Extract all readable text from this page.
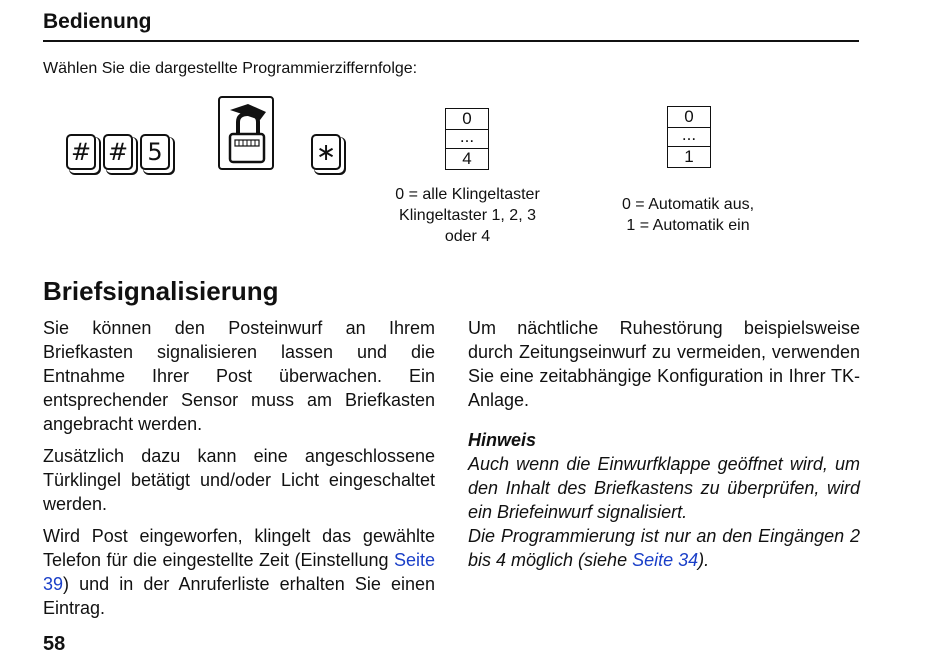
Bedienung
Wählen Sie die dargestellte Programmierziffernfolge:
# # 5	∗
0
...
4
0 = alle Klingeltaster
Klingeltaster 1, 2, 3
oder 4
0
...
1
0 = Automatik aus,
1 = Automatik ein
Briefsignalisierung

Sie können den Posteinwurf an Ihrem Briefkasten signalisieren lassen und die Entnahme Ihrer Post überwachen. Ein entsprechender Sensor muss am Briefkasten angebracht werden.

Zusätzlich dazu kann eine angeschlossene Türklingel betätigt und/oder Licht eingeschaltet werden.

Wird Post eingeworfen, klingelt das gewählte Telefon für die eingestellte Zeit (Einstellung Seite 39) und in der Anruferliste erhalten Sie einen Eintrag.

Um nächtliche Ruhestörung beispielsweise durch Zeitungseinwurf zu vermeiden, verwenden Sie eine zeitabhängige Konfiguration in Ihrer TK-Anlage.

Hinweis
Auch wenn die Einwurfklappe geöffnet wird, um den Inhalt des Briefkastens zu überprüfen, wird ein Briefeinwurf signalisiert.
Die Programmierung ist nur an den Eingängen 2 bis 4 möglich (siehe Seite 34).
58
